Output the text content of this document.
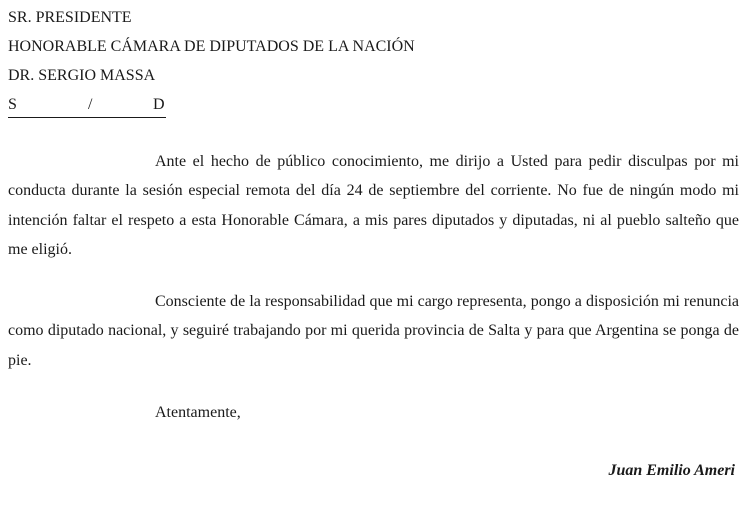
SR. PRESIDENTE
HONORABLE CÁMARA DE DIPUTADOS DE LA NACIÓN
DR. SERGIO MASSA
S	/	D

Ante el hecho de público conocimiento, me dirijo a Usted para pedir disculpas por mi conducta durante la sesión especial remota del día 24 de septiembre del corriente. No fue de ningún modo mi intención faltar el respeto a esta Honorable Cámara, a mis pares diputados y diputadas, ni al pueblo salteño que me eligió.

Consciente de la responsabilidad que mi cargo representa, pongo a disposición mi renuncia como diputado nacional, y seguiré trabajando por mi querida provincia de Salta y para que Argentina se ponga de pie.

Atentamente,
Juan Emilio Ameri
